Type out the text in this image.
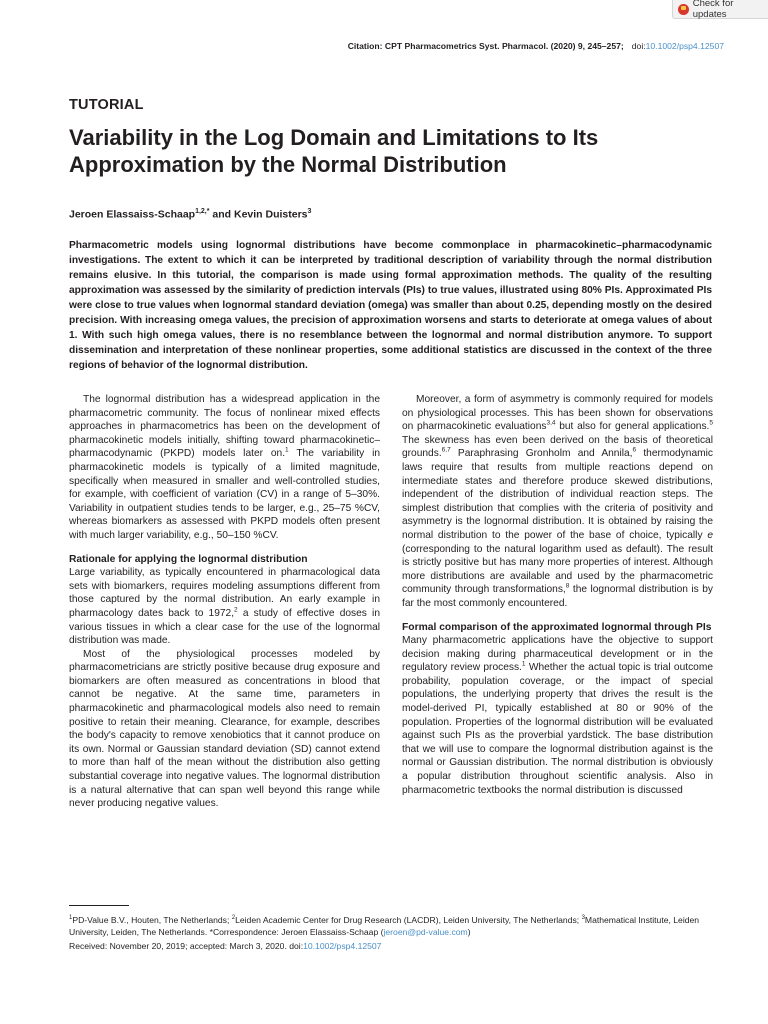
Check for updates
Citation: CPT Pharmacometrics Syst. Pharmacol. (2020) 9, 245–257; doi:10.1002/psp4.12507
TUTORIAL
Variability in the Log Domain and Limitations to Its
Approximation by the Normal Distribution
Jeroen Elassaiss-Schaap$^{1,2,*}$ and Kevin Duisters$^3$

Pharmacometric models using lognormal distributions have become commonplace in pharmacokinetic–pharmacodynamic investigations. The extent to which it can be interpreted by traditional description of variability through the normal distribution remains elusive. In this tutorial, the comparison is made using formal approximation methods. The quality of the resulting approximation was assessed by the similarity of prediction intervals (PIs) to true values, illustrated using 80% PIs. Approximated PIs were close to true values when lognormal standard deviation (omega) was smaller than about 0.25, depending mostly on the desired precision. With increasing omega values, the precision of approximation worsens and starts to deteriorate at omega values of about 1. With such high omega values, there is no resemblance between the lognormal and normal distribution anymore. To support dissemination and interpretation of these nonlinear properties, some additional statistics are discussed in the context of the three regions of behavior of the lognormal distribution.

The lognormal distribution has a widespread application in the pharmacometric community. The focus of nonlinear mixed effects approaches in pharmacometrics has been on the development of pharmacokinetic models initially, shifting toward pharmacokinetic–pharmacodynamic (PKPD) models later on.$^1$ The variability in pharmacokinetic models is typically of a limited magnitude, specifically when measured in smaller and well-controlled studies, for example, with coefficient of variation (CV) in a range of 5–30%. Variability in outpatient studies tends to be larger, e.g., 25–75 %CV, whereas biomarkers as assessed with PKPD models often present with much larger variability, e.g., 50–150 %CV.

Rationale for applying the lognormal distribution

Large variability, as typically encountered in pharmacological data sets with biomarkers, requires modeling assumptions different from those captured by the normal distribution. An early example in pharmacology dates back to 1972,$^2$ a study of effective doses in various tissues in which a clear case for the use of the lognormal distribution was made.

Most of the physiological processes modeled by pharmacometricians are strictly positive because drug exposure and biomarkers are often measured as concentrations in blood that cannot be negative. At the same time, parameters in pharmacokinetic and pharmacological models also need to remain positive to retain their meaning. Clearance, for example, describes the body's capacity to remove xenobiotics that it cannot produce on its own. Normal or Gaussian standard deviation (SD) cannot extend to more than half of the mean without the distribution also getting substantial coverage into negative values. The lognormal distribution is a natural alternative that can span well beyond this range while never producing negative values.

Moreover, a form of asymmetry is commonly required for models on physiological processes. This has been shown for observations on pharmacokinetic evaluations$^{3,4}$ but also for general applications.$^5$ The skewness has even been derived on the basis of theoretical grounds.$^{6,7}$ Paraphrasing Gronholm and Annila,$^6$ thermodynamic laws require that results from multiple reactions depend on intermediate states and therefore produce skewed distributions, independent of the distribution of individual reaction steps. The simplest distribution that complies with the criteria of positivity and asymmetry is the lognormal distribution. It is obtained by raising the normal distribution to the power of the base of choice, typically e (corresponding to the natural logarithm used as default). The result is strictly positive but has many more properties of interest. Although more distributions are available and used by the pharmacometric community through transformations,$^8$ the lognormal distribution is by far the most commonly encountered.

Formal comparison of the approximated lognormal through PIs

Many pharmacometric applications have the objective to support decision making during pharmaceutical development or in the regulatory review process.$^1$ Whether the actual topic is trial outcome probability, population coverage, or the impact of special populations, the underlying property that drives the result is the model-derived PI, typically established at 80 or 90% of the population. Properties of the lognormal distribution will be evaluated against such PIs as the proverbial yardstick. The base distribution that we will use to compare the lognormal distribution against is the normal or Gaussian distribution. The normal distribution is obviously a popular distribution throughout scientific analysis. Also in pharmacometric textbooks the normal distribution is discussed

$^1$PD-Value B.V., Houten, The Netherlands; $^2$Leiden Academic Center for Drug Research (LACDR), Leiden University, The Netherlands; $^3$Mathematical Institute, Leiden University, Leiden, The Netherlands. *Correspondence: Jeroen Elassaiss-Schaap (jeroen@pd-value.com)

Received: November 20, 2019; accepted: March 3, 2020. doi:10.1002/psp4.12507
